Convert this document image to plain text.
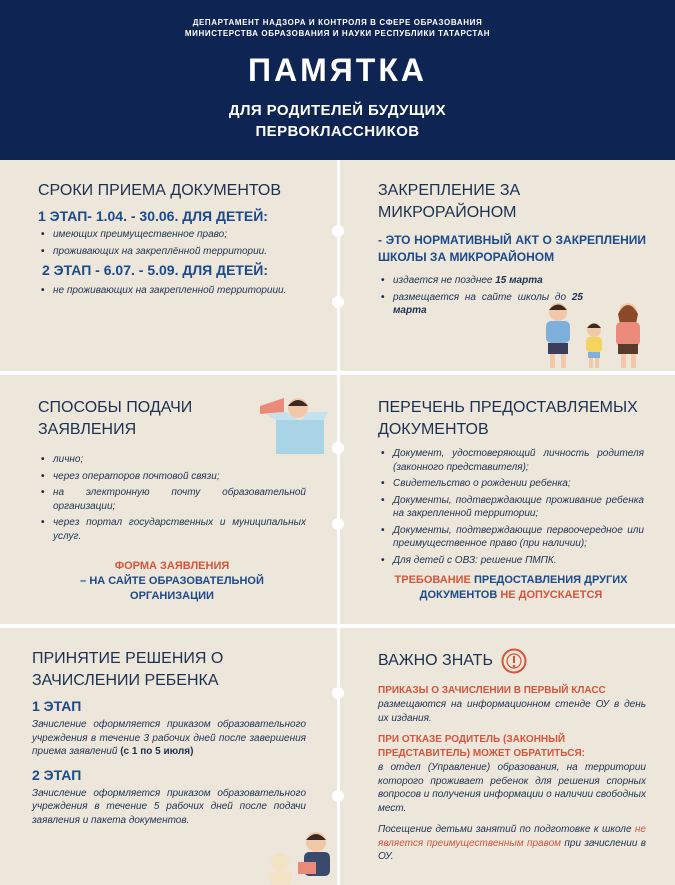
ДЕПАРТАМЕНТ НАДЗОРА И КОНТРОЛЯ В СФЕРЕ ОБРАЗОВАНИЯ
МИНИСТЕРСТВА ОБРАЗОВАНИЯ И НАУКИ РЕСПУБЛИКИ ТАТАРСТАН
ПАМЯТКА
ДЛЯ РОДИТЕЛЕЙ БУДУЩИХ
ПЕРВОКЛАССНИКОВ
СРОКИ ПРИЕМА ДОКУМЕНТОВ
1 ЭТАП- 1.04. - 30.06. ДЛЯ ДЕТЕЙ:
• имеющих преимущественное право;
• проживающих на закреплённой территории.
2 ЭТАП - 6.07. - 5.09. ДЛЯ ДЕТЕЙ:
• не проживающих на закрепленной территориии.
ЗАКРЕПЛЕНИЕ ЗА МИКРОРАЙОНОМ
- ЭТО НОРМАТИВНЫЙ АКТ О ЗАКРЕПЛЕНИИ ШКОЛЫ ЗА МИКРОРАЙОНОМ
• издается не позднее 15 марта
• размещается на сайте школы до 25 марта
СПОСОБЫ ПОДАЧИ
ЗАЯВЛЕНИЯ
• лично;
• через операторов почтовой связи;
• на электронную почту образовательной организации;
• через портал государственных и муниципальных услуг.
ФОРМА ЗАЯВЛЕНИЯ
– НА САЙТЕ ОБРАЗОВАТЕЛЬНОЙ
ОРГАНИЗАЦИИ
ПЕРЕЧЕНЬ ПРЕДОСТАВЛЯЕМЫХ
ДОКУМЕНТОВ
• Документ, удостоверяющий личность родителя (законного представителя);
• Свидетельство о рождении ребенка;
• Документы, подтверждающие проживание ребенка на закрепленной территории;
• Документы, подтверждающие первоочередное или преимущественное право (при наличии);
• Для детей с ОВЗ: решение ПМПК.
ТРЕБОВАНИЕ ПРЕДОСТАВЛЕНИЯ ДРУГИХ
ДОКУМЕНТОВ НЕ ДОПУСКАЕТСЯ
ПРИНЯТИЕ РЕШЕНИЯ О
ЗАЧИСЛЕНИИ РЕБЕНКА
1 ЭТАП
Зачисление оформляется приказом образовательного учреждения в течение 3 рабочих дней после завершения приема заявлений (с 1 по 5 июля)
2 ЭТАП
Зачисление оформляется приказом образовательного учреждения в течение 5 рабочих дней после подачи заявления и пакета документов.
ВАЖНО ЗНАТЬ
ПРИКАЗЫ О ЗАЧИСЛЕНИИ В ПЕРВЫЙ КЛАСС
размещаются на информационном стенде ОУ в день их издания.
ПРИ ОТКАЗЕ РОДИТЕЛЬ (ЗАКОННЫЙ ПРЕДСТАВИТЕЛЬ) МОЖЕТ ОБРАТИТЬСЯ:
в отдел (Управление) образования, на территории которого проживает ребенок для решения спорных вопросов и получения информации о наличии свободных мест.
Посещение детьми занятий по подготовке к школе не является преимущественным правом при зачислении в ОУ.
